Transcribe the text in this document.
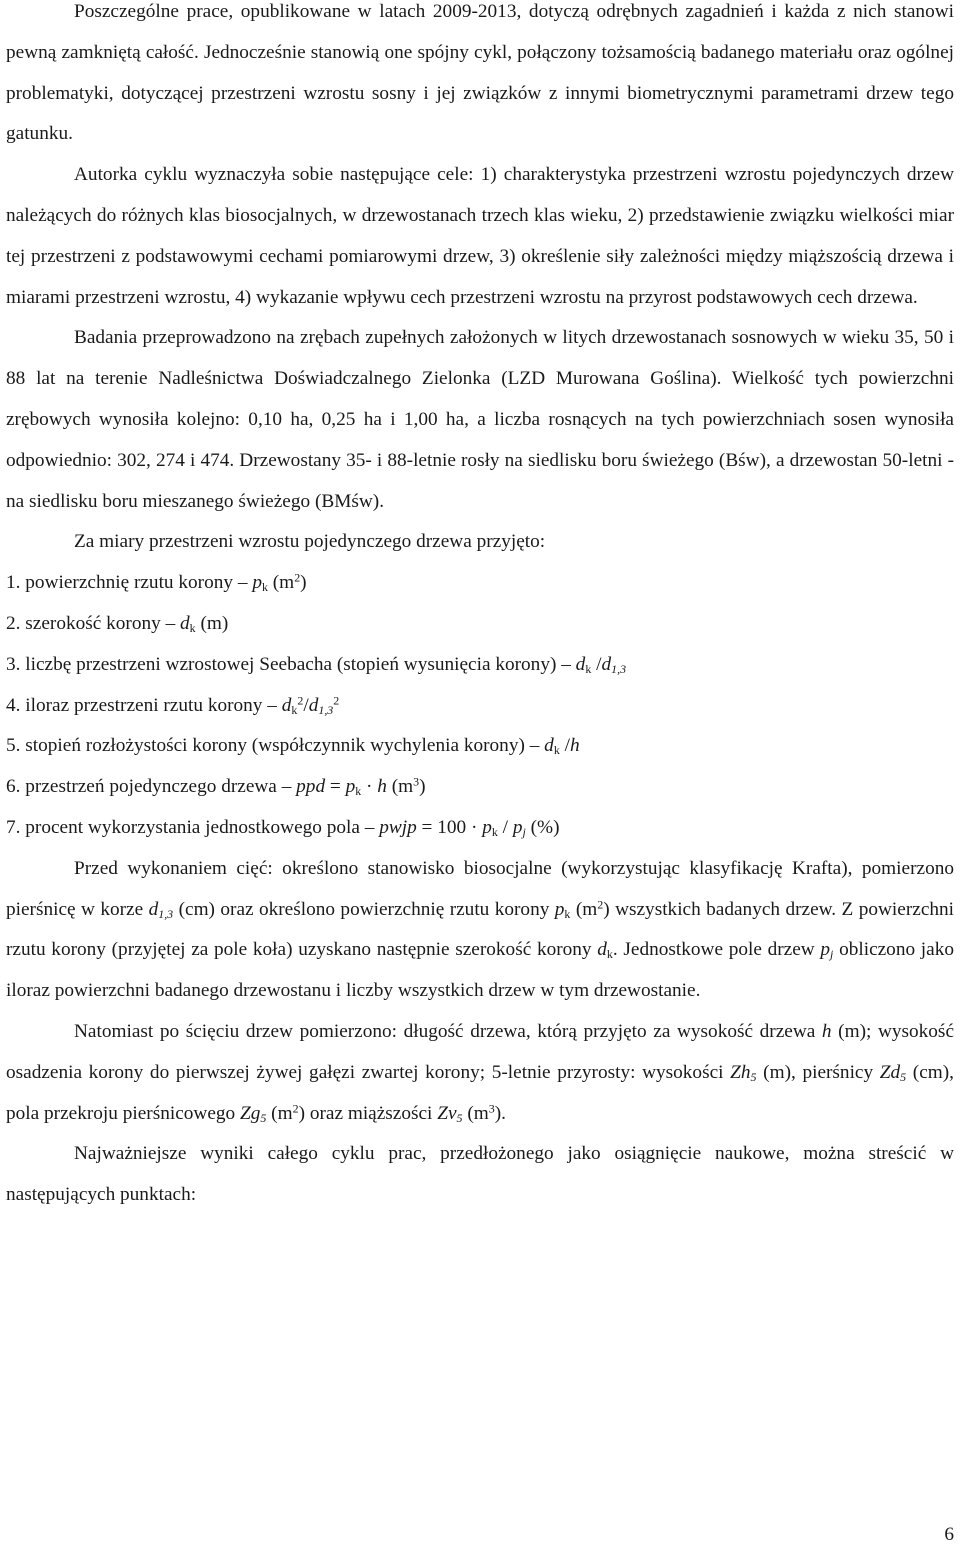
Poszczególne prace, opublikowane w latach 2009-2013, dotyczą odrębnych zagadnień i każda z nich stanowi pewną zamkniętą całość. Jednocześnie stanowią one spójny cykl, połączony tożsamością badanego materiału oraz ogólnej problematyki, dotyczącej przestrzeni wzrostu sosny i jej związków z innymi biometrycznymi parametrami drzew tego gatunku.

Autorka cyklu wyznaczyła sobie następujące cele: 1) charakterystyka przestrzeni wzrostu pojedynczych drzew należących do różnych klas biosocjalnych, w drzewostanach trzech klas wieku, 2) przedstawienie związku wielkości miar tej przestrzeni z podstawowymi cechami pomiarowymi drzew, 3) określenie siły zależności między miąższością drzewa i miarami przestrzeni wzrostu, 4) wykazanie wpływu cech przestrzeni wzrostu na przyrost podstawowych cech drzewa.

Badania przeprowadzono na zrębach zupełnych założonych w litych drzewostanach sosnowych w wieku 35, 50 i 88 lat na terenie Nadleśnictwa Doświadczalnego Zielonka (LZD Murowana Goślina). Wielkość tych powierzchni zrębowych wynosiła kolejno: 0,10 ha, 0,25 ha i 1,00 ha, a liczba rosnących na tych powierzchniach sosen wynosiła odpowiednio: 302, 274 i 474. Drzewostany 35- i 88-letnie rosły na siedlisku boru świeżego (Bśw), a drzewostan 50-letni - na siedlisku boru mieszanego świeżego (BMśw).

Za miary przestrzeni wzrostu pojedynczego drzewa przyjęto:

1. powierzchnię rzutu korony – $p_k$ $(m^2)$

2. szerokość korony – $d_k$ (m)

3. liczbę przestrzeni wzrostowej Seebacha (stopień wysunięcia korony) – $d_k$ $/d_{1,3}$

4. iloraz przestrzeni rzutu korony – $d_k^2/d_{1,3}^2$

5. stopień rozłożystości korony (współczynnik wychylenia korony) – $d_k$ /h

6. przestrzeń pojedynczego drzewa – ppd = $p_k \cdot h$ $(m^3)$

7. procent wykorzystania jednostkowego pola – pwjp = $100 \cdot p_k / p_j$ (%)

Przed wykonaniem cięć: określono stanowisko biosocjalne (wykorzystując klasyfikację Krafta), pomierzono pierśnicę w korze $d_{1,3}$ (cm) oraz określono powierzchnię rzutu korony $p_k$ $(m^2)$ wszystkich badanych drzew. Z powierzchni rzutu korony (przyjętej za pole koła) uzyskano następnie szerokość korony $d_k$. Jednostkowe pole drzew $p_j$ obliczono jako iloraz powierzchni badanego drzewostanu i liczby wszystkich drzew w tym drzewostanie.

Natomiast po ścięciu drzew pomierzono: długość drzewa, którą przyjęto za wysokość drzewa h (m); wysokość osadzenia korony do pierwszej żywej gałęzi zwartej korony; 5-letnie przyrosty: wysokości $Zh_5$ (m), pierśnicy $Zd_5$ (cm), pola przekroju pierśnicowego $Zg_5$ $(m^2)$ oraz miąższości $Zv_5$ $(m^3)$.

Najważniejsze wyniki całego cyklu prac, przedłożonego jako osiągnięcie naukowe, można streścić w następujących punktach:

6
